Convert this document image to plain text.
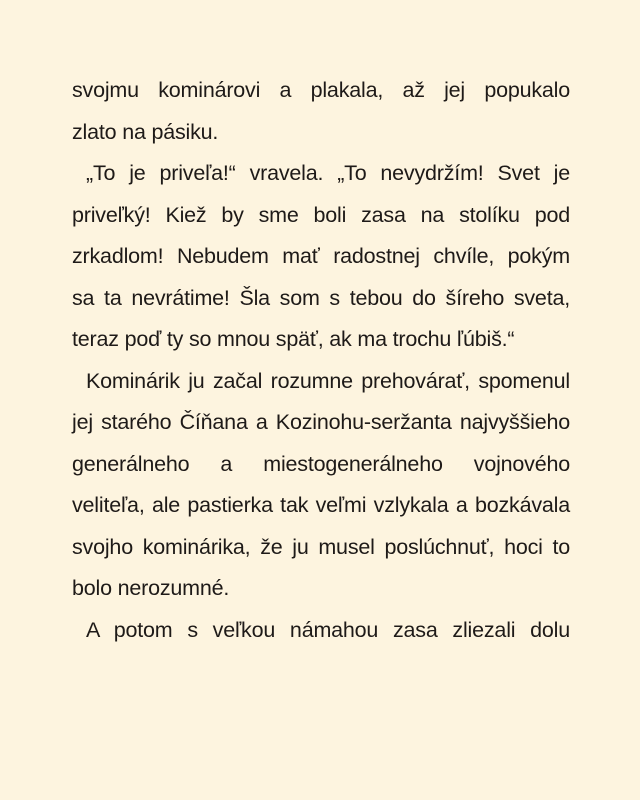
svojmu kominárovi a plakala, až jej popukalo
zlato na pásiku.
„To je priveľa!“ vravela. „To nevydržím! Svet je
priveľký! Kiež by sme boli zasa na stolíku pod
zrkadlom! Nebudem mať radostnej chvíle, pokým
sa ta nevrátime! Šla som s tebou do šíreho sveta,
teraz poď ty so mnou späť, ak ma trochu ľúbiš.“
Kominárik ju začal rozumne prehovárať, spomenul
jej starého Číňana a Kozinohu-seržanta najvyššieho
generálneho a miestogenerálneho vojnového
veliteľa, ale pastierka tak veľmi vzlykala a bozkávala
svojho kominárika, že ju musel poslúchnuť, hoci to
bolo nerozumné.
A potom s veľkou námahou zasa zliezali dolu
